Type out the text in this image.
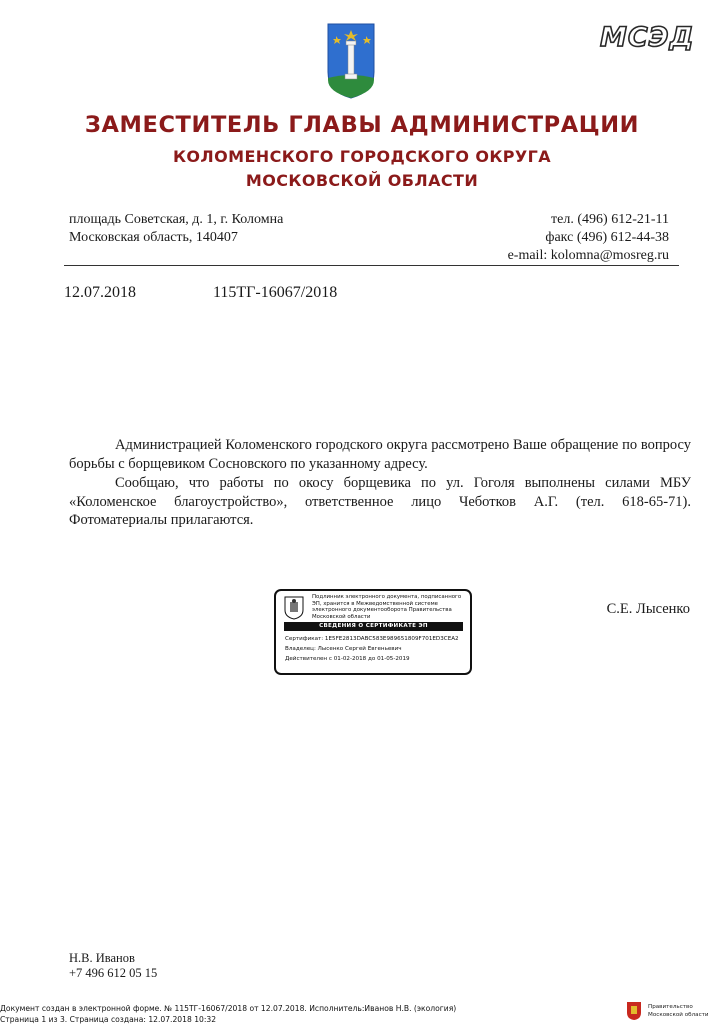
МСЭД
ЗАМЕСТИТЕЛЬ ГЛАВЫ АДМИНИСТРАЦИИ
КОЛОМЕНСКОГО ГОРОДСКОГО ОКРУГА
МОСКОВСКОЙ ОБЛАСТИ
площадь Советская, д. 1, г. Коломна
Московская область, 140407
тел. (496) 612-21-11
факс (496) 612-44-38
e-mail: kolomna@mosreg.ru
12.07.2018	115ТГ-16067/2018
Администрацией Коломенского городского округа рассмотрено Ваше обращение по вопросу борьбы с борщевиком Сосновского по указанному адресу.
Сообщаю, что работы по окосу борщевика по ул. Гоголя выполнены силами МБУ «Коломенское благоустройство», ответственное лицо Чеботков А.Г. (тел. 618-65-71). Фотоматериалы прилагаются.
Подлинник электронного документа, подписанного ЭП, хранится в Межведомственной системе электронного документооборота Правительства Московской области
СВЕДЕНИЯ О СЕРТИФИКАТЕ ЭП
Сертификат: 1E5FE2813DABC583E989651809F701ED3CEA2
Владелец: Лысенко Сергей Евгеньевич
Действителен с 01-02-2018 до 01-05-2019
С.Е. Лысенко
Н.В. Иванов
+7 496 612 05 15
Документ создан в электронной форме. № 115ТГ-16067/2018 от 12.07.2018. Исполнитель:Иванов Н.В. (экология)
Страница 1 из 3. Страница создана: 12.07.2018 10:32
Правительство
Московской области
